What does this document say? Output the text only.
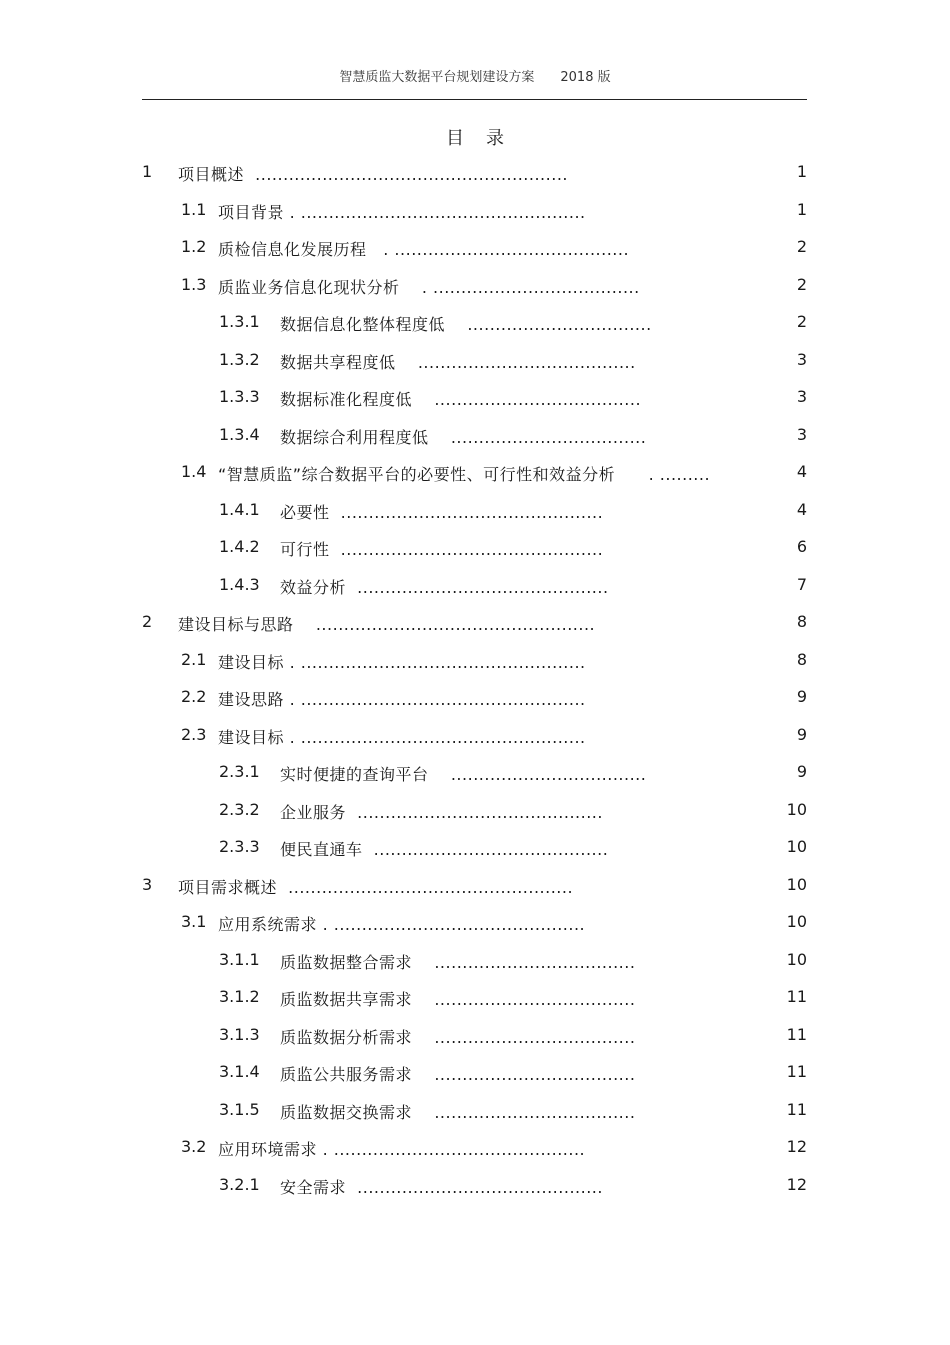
智慧质监大数据平台规划建设方案 2018 版
目录
1 项目概述  ........................................................	1
1.1 项目背景 . ...................................................	1
1.2 质检信息化发展历程   . ..........................................	2
1.3 质监业务信息化现状分析    . .....................................	2
1.3.1 数据信息化整体程度低    .................................	2
1.3.2 数据共享程度低    .......................................	3
1.3.3 数据标准化程度低    .....................................	3
1.3.4 数据综合利用程度低    ...................................	3
1.4 “智慧质监”综合数据平台的必要性、可行性和效益分析      . .........	4
1.4.1 必要性  ...............................................	4
1.4.2 可行性  ...............................................	6
1.4.3 效益分析  .............................................	7
2 建设目标与思路    ..................................................	8
2.1 建设目标 . ...................................................	8
2.2 建设思路 . ...................................................	9
2.3 建设目标 . ...................................................	9
2.3.1 实时便捷的查询平台    ...................................	9
2.3.2 企业服务  ............................................	10
2.3.3 便民直通车  ..........................................	10
3 项目需求概述  ...................................................	10
3.1 应用系统需求 . .............................................	10
3.1.1 质监数据整合需求    ....................................	10
3.1.2 质监数据共享需求    ....................................	11
3.1.3 质监数据分析需求    ....................................	11
3.1.4 质监公共服务需求    ....................................	11
3.1.5 质监数据交换需求    ....................................	11
3.2 应用环境需求 . .............................................	12
3.2.1 安全需求  ............................................	12
